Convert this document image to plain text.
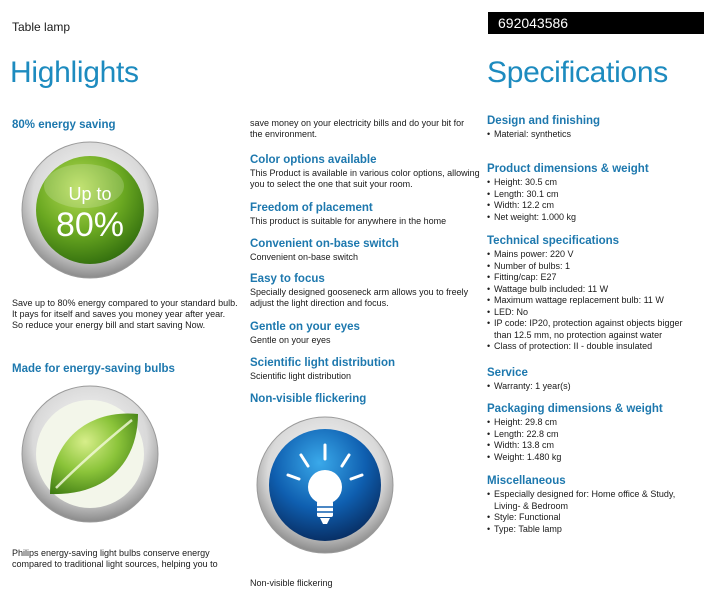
Table lamp	692043586
Highlights
80% energy saving
Up to
80%
Save up to 80% energy compared to your standard bulb. It pays for itself and saves you money year after year. So reduce your energy bill and start saving Now.
Made for energy-saving bulbs
Philips energy-saving light bulbs conserve energy compared to traditional light sources, helping you to
save money on your electricity bills and do your bit for the environment.
Color options available
This Product is available in various color options, allowing you to select the one that suit your room.
Freedom of placement
This product is suitable for anywhere in the home
Convenient on-base switch
Convenient on-base switch
Easy to focus
Specially designed gooseneck arm allows you to freely adjust the light direction and focus.
Gentle on your eyes
Gentle on your eyes
Scientific light distribution
Scientific light distribution
Non-visible flickering
Non-visible flickering
Specifications
Design and finishing
• Material: synthetics
Product dimensions & weight
• Height: 30.5 cm
• Length: 30.1 cm
• Width: 12.2 cm
• Net weight: 1.000 kg
Technical specifications
• Mains power: 220 V
• Number of bulbs: 1
• Fitting/cap: E27
• Wattage bulb included: 11 W
• Maximum wattage replacement bulb: 11 W
• LED: No
• IP code: IP20, protection against objects bigger than 12.5 mm, no protection against water
• Class of protection: II - double insulated
Service
• Warranty: 1 year(s)
Packaging dimensions & weight
• Height: 29.8 cm
• Length: 22.8 cm
• Width: 13.8 cm
• Weight: 1.480 kg
Miscellaneous
• Especially designed for: Home office & Study, Living- & Bedroom
• Style: Functional
• Type: Table lamp
